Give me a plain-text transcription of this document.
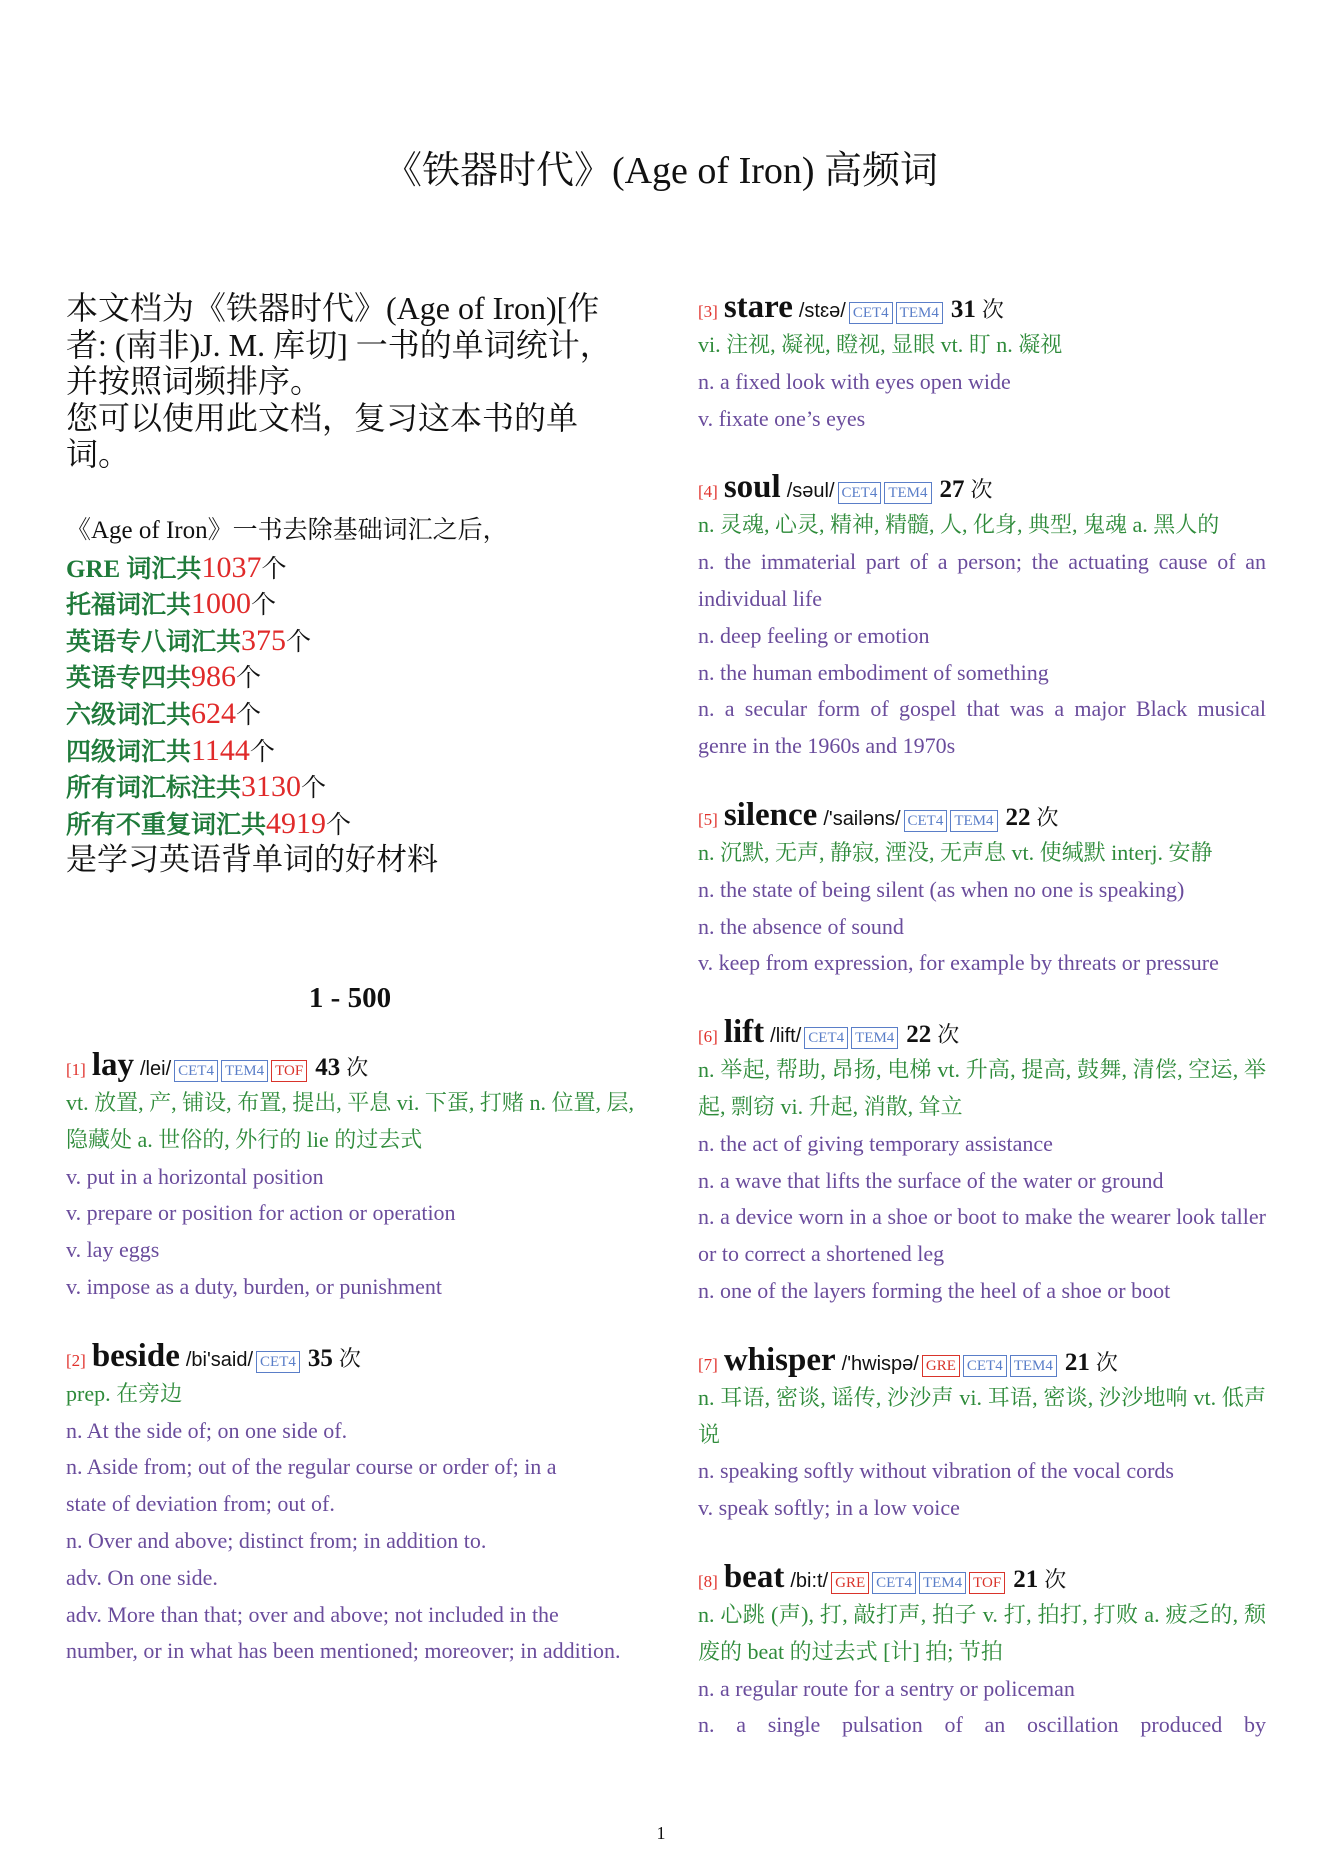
《铁器时代》(Age of Iron) 高频词

本文档为《铁器时代》(Age of Iron)[作者: (南非)J. M. 库切] 一书的单词统计，并按照词频排序。

您可以使用此文档，复习这本书的单词。

《Age of Iron》一书去除基础词汇之后，
GRE 词汇共1037个
托福词汇共1000个
英语专八词汇共375个
英语专四共986个
六级词汇共624个
四级词汇共1144个
所有词汇标注共3130个
所有不重复词汇共4919个
是学习英语背单词的好材料
1 - 500
[1] lay /lei/ CET4 TEM4 TOF 43 次
vt. 放置, 产, 铺设, 布置, 提出, 平息 vi. 下蛋, 打赌 n. 位置, 层, 隐藏处 a. 世俗的, 外行的 lie 的过去式
v. put in a horizontal position
v. prepare or position for action or operation
v. lay eggs
v. impose as a duty, burden, or punishment
[2] beside /bi'said/ CET4 35 次
prep. 在旁边
n. At the side of; on one side of.
n. Aside from; out of the regular course or order of; in a
state of deviation from; out of.
n. Over and above; distinct from; in addition to.
adv. On one side.
adv. More than that; over and above; not included in the
number, or in what has been mentioned; moreover; in addition.
[3] stare /stɛə/ CET4 TEM4 31 次
vi. 注视, 凝视, 瞪视, 显眼 vt. 盯 n. 凝视
n. a fixed look with eyes open wide
v. fixate one’s eyes
[4] soul /səul/ CET4 TEM4 27 次
n. 灵魂, 心灵, 精神, 精髓, 人, 化身, 典型, 鬼魂 a. 黑人的
n. the immaterial part of a person; the actuating cause of an individual life
n. deep feeling or emotion
n. the human embodiment of something
n. a secular form of gospel that was a major Black musical genre in the 1960s and 1970s
[5] silence /'sailəns/ CET4 TEM4 22 次
n. 沉默, 无声, 静寂, 湮没, 无声息 vt. 使缄默 interj. 安静
n. the state of being silent (as when no one is speaking)
n. the absence of sound
v. keep from expression, for example by threats or pressure
[6] lift /lift/ CET4 TEM4 22 次
n. 举起, 帮助, 昂扬, 电梯 vt. 升高, 提高, 鼓舞, 清偿, 空运, 举起, 剽窃 vi. 升起, 消散, 耸立
n. the act of giving temporary assistance
n. a wave that lifts the surface of the water or ground
n. a device worn in a shoe or boot to make the wearer look taller or to correct a shortened leg
n. one of the layers forming the heel of a shoe or boot
[7] whisper /'hwispə/ GRE CET4 TEM4 21 次
n. 耳语, 密谈, 谣传, 沙沙声 vi. 耳语, 密谈, 沙沙地响 vt. 低声说
n. speaking softly without vibration of the vocal cords
v. speak softly; in a low voice
[8] beat /bi:t/ GRE CET4 TEM4 TOF 21 次
n. 心跳 (声), 打, 敲打声, 拍子 v. 打, 拍打, 打败 a. 疲乏的, 颓废的 beat 的过去式 [计] 拍; 节拍
n. a regular route for a sentry or policeman
n. a single pulsation of an oscillation produced by
1
